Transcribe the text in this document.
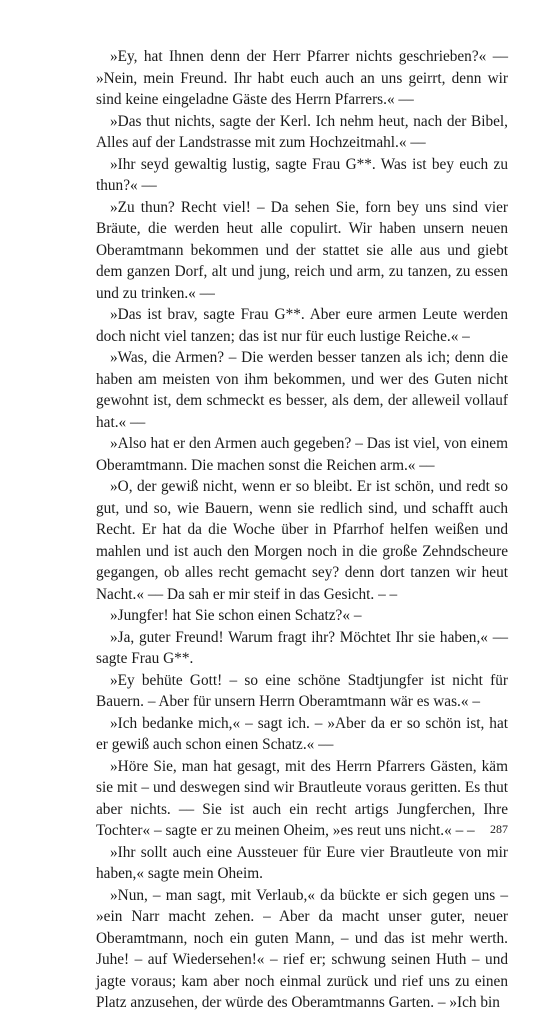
»Ey, hat Ihnen denn der Herr Pfarrer nichts geschrieben?« –– »Nein, mein Freund. Ihr habt euch auch an uns geirrt, denn wir sind keine eingeladne Gäste des Herrn Pfarrers.« ––

»Das thut nichts, sagte der Kerl. Ich nehm heut, nach der Bibel, Alles auf der Landstrasse mit zum Hochzeitmahl.« ––

»Ihr seyd gewaltig lustig, sagte Frau G**. Was ist bey euch zu thun?« ––

»Zu thun? Recht viel! – Da sehen Sie, forn bey uns sind vier Bräute, die werden heut alle copulirt. Wir haben unsern neuen Oberamtmann bekommen und der stattet sie alle aus und giebt dem ganzen Dorf, alt und jung, reich und arm, zu tanzen, zu essen und zu trinken.« ––

»Das ist brav, sagte Frau G**. Aber eure armen Leute werden doch nicht viel tanzen; das ist nur für euch lustige Reiche.« –

»Was, die Armen? – Die werden besser tanzen als ich; denn die haben am meisten von ihm bekommen, und wer des Guten nicht gewohnt ist, dem schmeckt es besser, als dem, der alleweil vollauf hat.« ––

»Also hat er den Armen auch gegeben? – Das ist viel, von einem Oberamtmann. Die machen sonst die Reichen arm.« ––

»O, der gewiß nicht, wenn er so bleibt. Er ist schön, und redt so gut, und so, wie Bauern, wenn sie redlich sind, und schafft auch Recht. Er hat da die Woche über in Pfarrhof helfen weißen und mahlen und ist auch den Morgen noch in die große Zehndscheure gegangen, ob alles recht gemacht sey? denn dort tanzen wir heut Nacht.« –– Da sah er mir steif in das Gesicht. – –

»Jungfer! hat Sie schon einen Schatz?« –

»Ja, guter Freund! Warum fragt ihr? Möchtet Ihr sie haben,« –– sagte Frau G**.

»Ey behüte Gott! – so eine schöne Stadtjungfer ist nicht für Bauern. – Aber für unsern Herrn Oberamtmann wär es was.« –

»Ich bedanke mich,« – sagt ich. – »Aber da er so schön ist, hat er gewiß auch schon einen Schatz.« ––

»Höre Sie, man hat gesagt, mit des Herrn Pfarrers Gästen, käm sie mit – und deswegen sind wir Brautleute voraus geritten. Es thut aber nichts. –– Sie ist auch ein recht artigs Jungferchen, Ihre Tochter« – sagte er zu meinen Oheim, »es reut uns nicht.« – –

»Ihr sollt auch eine Aussteuer für Eure vier Brautleute von mir haben,« sagte mein Oheim.

»Nun, – man sagt, mit Verlaub,« da bückte er sich gegen uns – »ein Narr macht zehen. – Aber da macht unser guter, neuer Oberamtmann, noch ein guten Mann, – und das ist mehr werth. Juhe! – auf Wiedersehen!« – rief er; schwung seinen Huth – und jagte voraus; kam aber noch einmal zurück und rief uns zu einen Platz anzusehen, der würde des Oberamtmanns Garten. – »Ich bin

287
